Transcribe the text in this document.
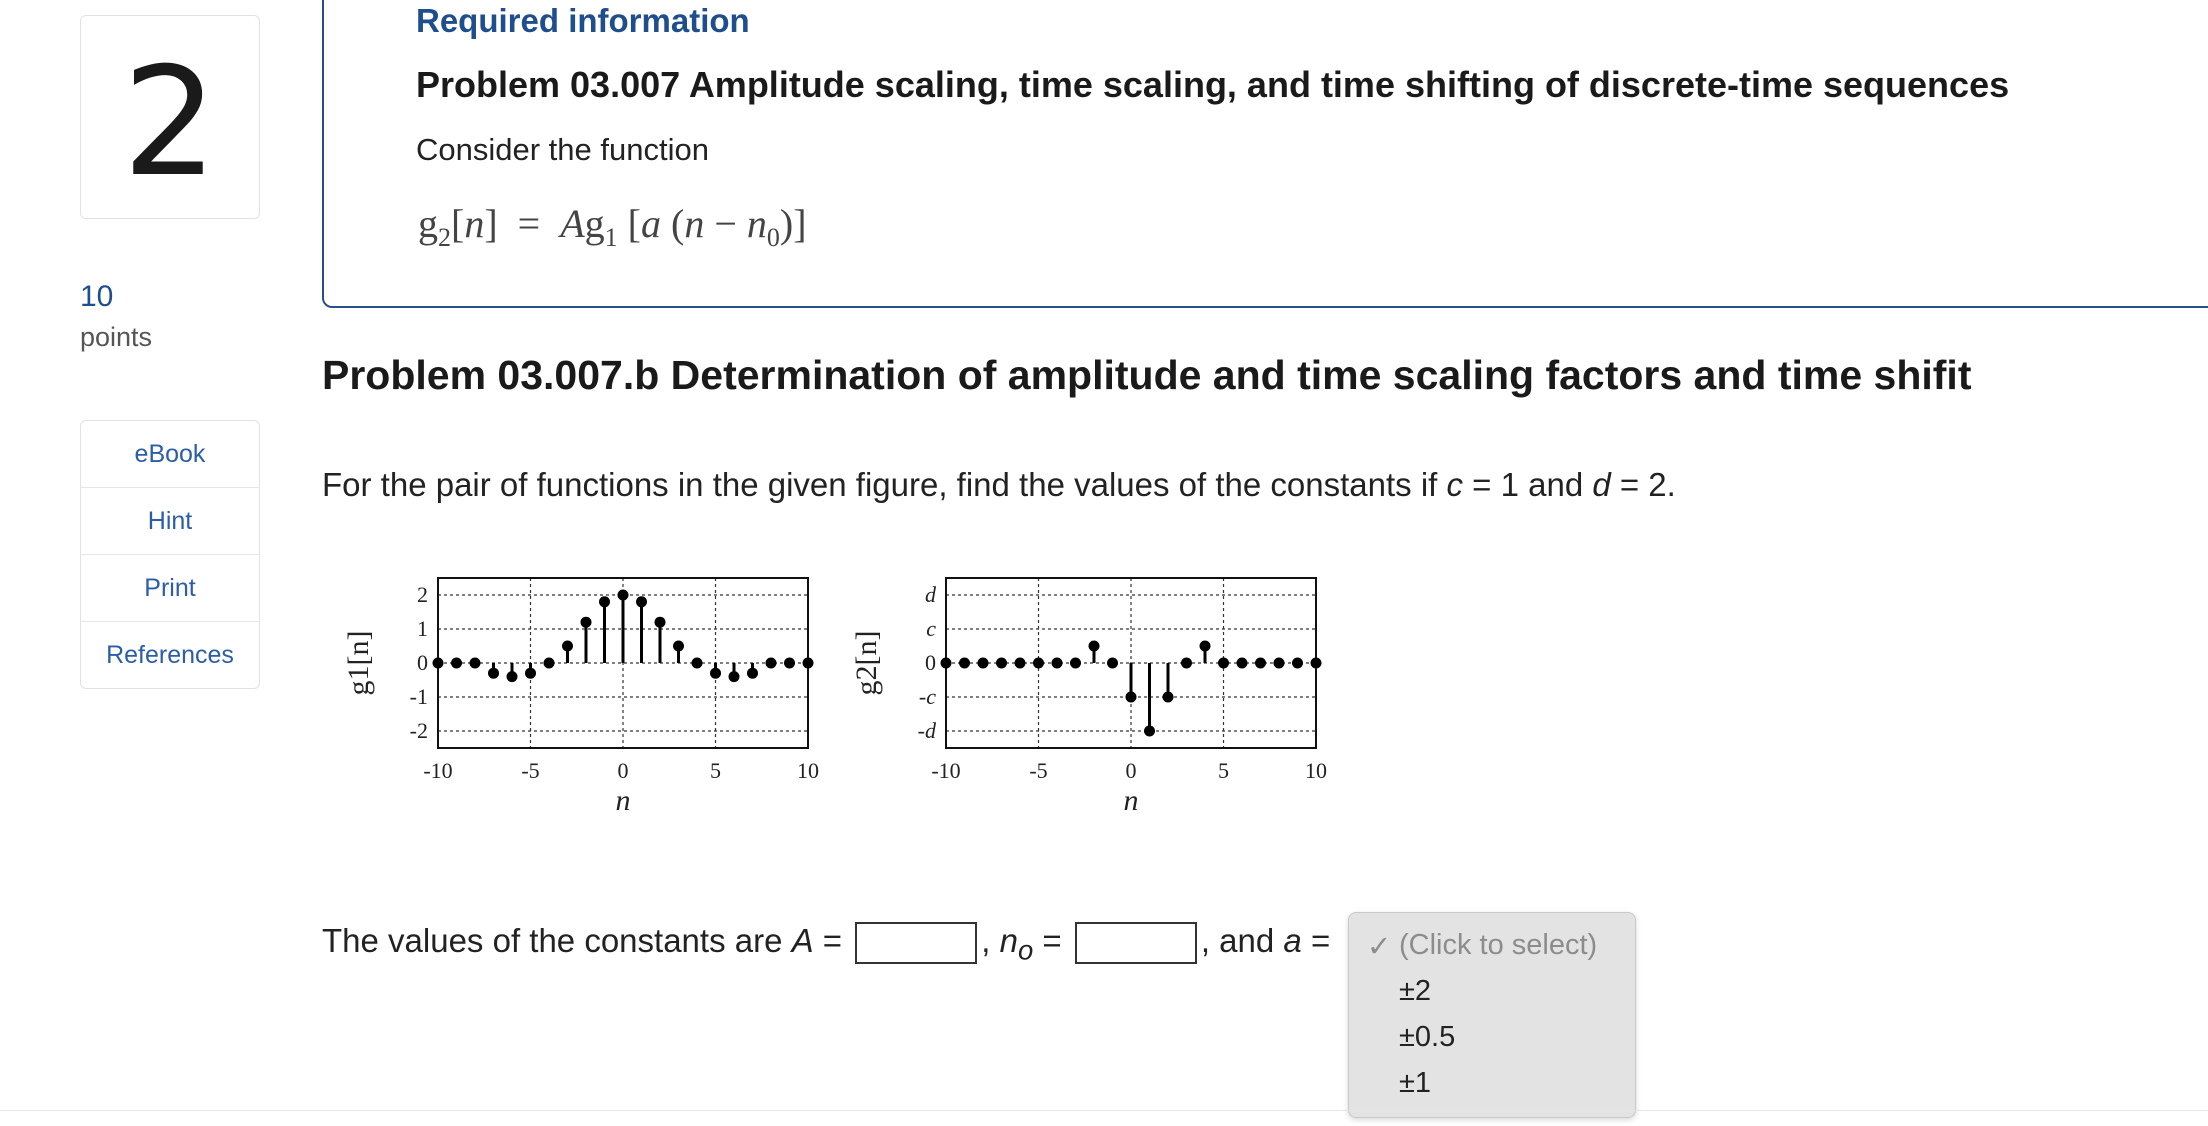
2
10
points
eBook
Hint
Print
References
Required information
Problem 03.007 Amplitude scaling, time scaling, and time shifting of discrete-time sequences
Consider the function
$g_2[n] = Ag_1$ [a $(n - n_0)$]
Problem 03.007.b Determination of amplitude and time scaling factors and time shifit
For the pair of functions in the given figure, find the values of the constants if c = 1 and d = 2.
2
1
0
-1
-2
-10	-5	0	5	10
n
g1[n]
d
c
0
-c
-d
-10	-5	0	5	10
n
g2[n]
The values of the constants are A =	, $n_o$ =	, and a = ✓ (Click to select)
±2
±0.5
±1
